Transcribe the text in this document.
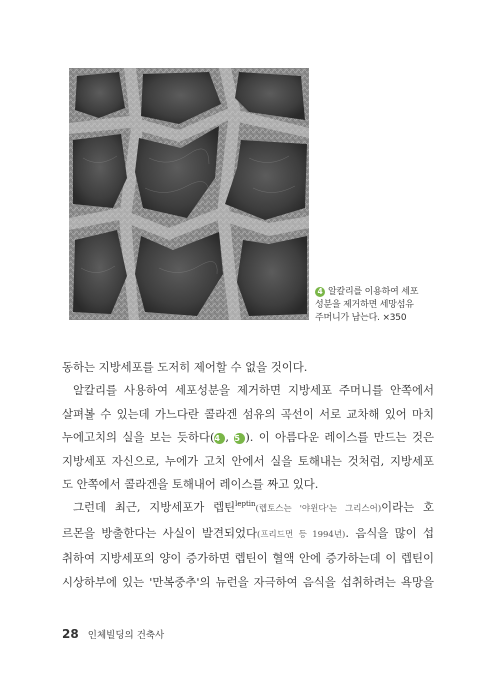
4 알칼리를 이용하여 세포
성분을 제거하면 세망섬유
주머니가 남는다. ×350
동하는 지방세포를 도저히 제어할 수 없을 것이다.
알칼리를 사용하여 세포성분을 제거하면 지방세포 주머니를 안쪽에서
살펴볼 수 있는데 가느다란 콜라겐 섬유의 곡선이 서로 교차해 있어 마치
누에고치의 실을 보는 듯하다(4 , 5 ). 이 아름다운 레이스를 만드는 것은
지방세포 자신으로, 누에가 고치 안에서 실을 토해내는 것처럼, 지방세포
도 안쪽에서 콜라겐을 토해내어 레이스를 짜고 있다.
그런데 최근, 지방세포가 렙틴$^{leptin}$(렙토스는 '야윈다'는 그리스어)이라는 호
르몬을 방출한다는 사실이 발견되었다(프리드먼 등 1994년). 음식을 많이 섭
취하여 지방세포의 양이 증가하면 렙틴이 혈액 안에 증가하는데 이 렙틴이
시상하부에 있는 '만복중추'의 뉴런을 자극하여 음식을 섭취하려는 욕망을
28 인체빌딩의 건축사
